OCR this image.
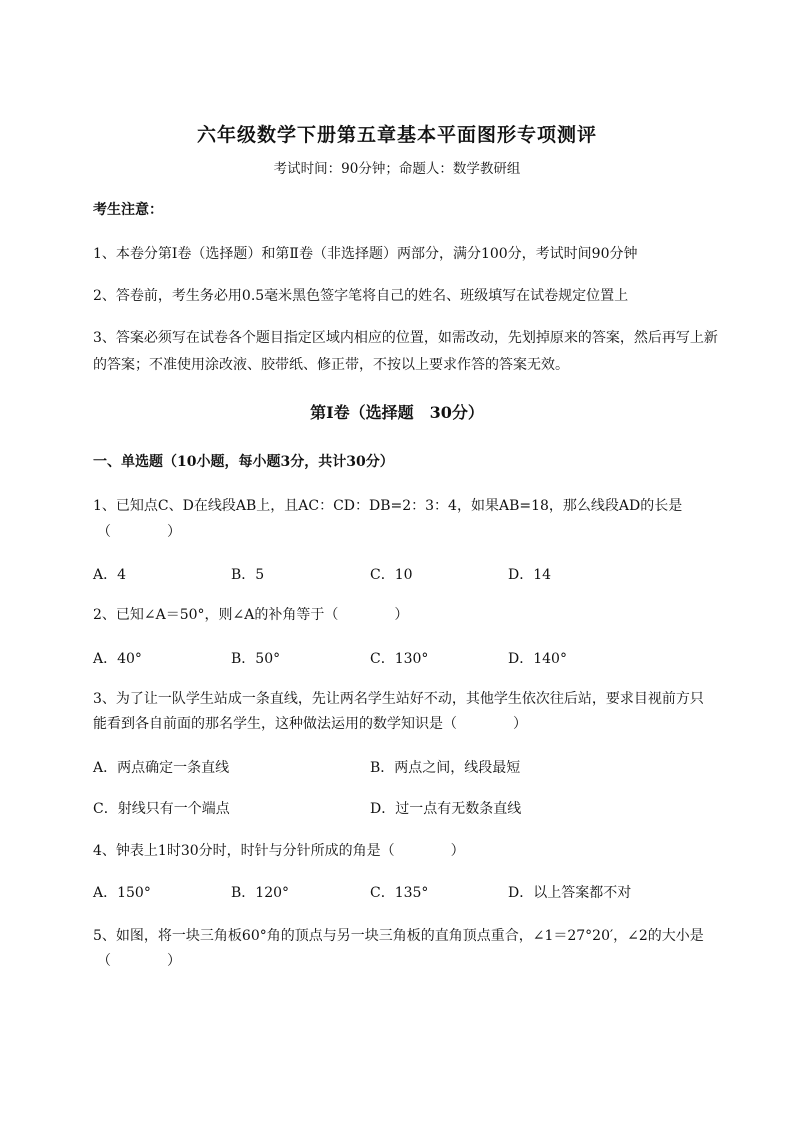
六年级数学下册第五章基本平面图形专项测评
考试时间：90分钟；命题人：数学教研组
考生注意：
1、本卷分第I卷（选择题）和第Ⅱ卷（非选择题）两部分，满分100分，考试时间90分钟
2、答卷前，考生务必用0.5毫米黑色签字笔将自己的姓名、班级填写在试卷规定位置上
3、答案必须写在试卷各个题目指定区域内相应的位置，如需改动，先划掉原来的答案，然后再写上新
的答案；不准使用涂改液、胶带纸、修正带，不按以上要求作答的答案无效。
第I卷（选择题　30分）
一、单选题（10小题，每小题3分，共计30分）
1、已知点C、D在线段AB上，且AC：CD：DB=2：3：4，如果AB=18，那么线段AD的长是
（　　　　）
A．4	B．5	C．10	D．14
2、已知∠A＝50°，则∠A的补角等于（　　　　）
A．40°	B．50°	C．130°	D．140°
3、为了让一队学生站成一条直线，先让两名学生站好不动，其他学生依次往后站，要求目视前方只
能看到各自前面的那名学生，这种做法运用的数学知识是（　　　　）
A．两点确定一条直线	B．两点之间，线段最短
C．射线只有一个端点	D．过一点有无数条直线
4、钟表上1时30分时，时针与分针所成的角是（　　　　）
A．150°	B．120°	C．135°	D．以上答案都不对
5、如图，将一块三角板60°角的顶点与另一块三角板的直角顶点重合，∠1＝27°20′，∠2的大小是
（　　　　）
